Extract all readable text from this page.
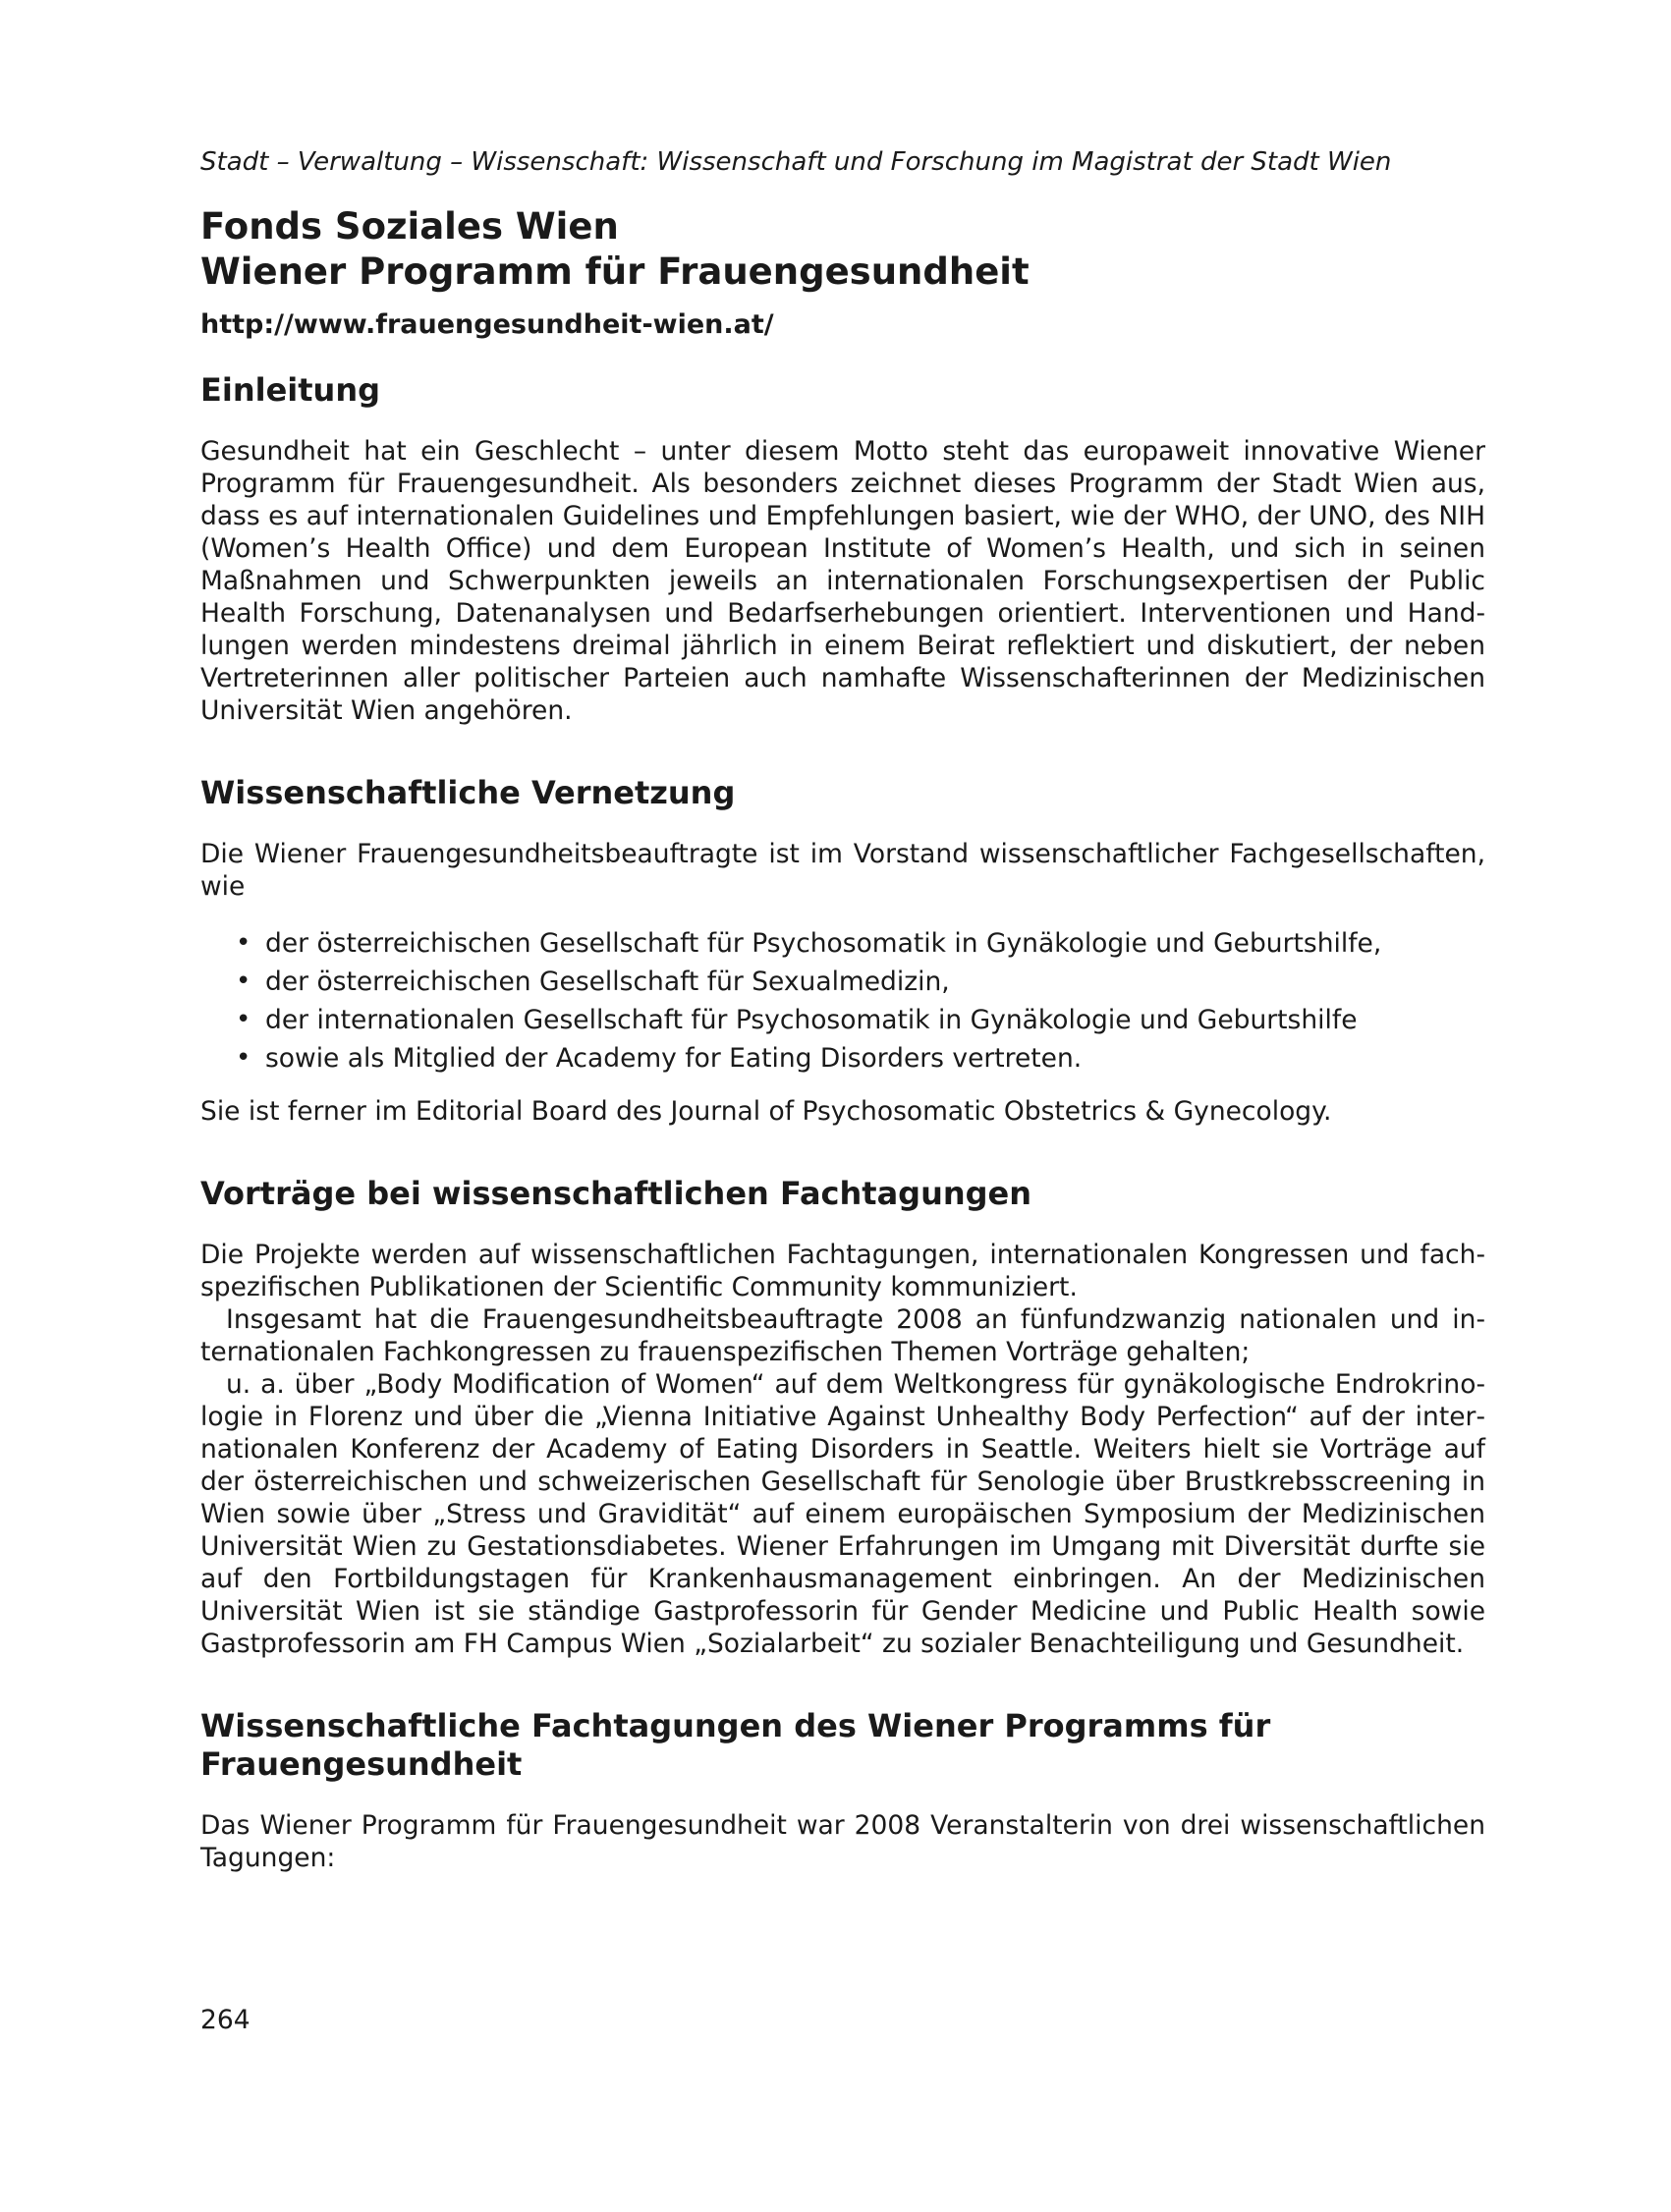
Stadt – Verwaltung – Wissenschaft: Wissenschaft und Forschung im Magistrat der Stadt Wien
Fonds Soziales Wien
Wiener Programm für Frauengesundheit
http://www.frauengesundheit-wien.at/
Einleitung

Gesundheit hat ein Geschlecht – unter diesem Motto steht das europaweit innovative Wiener Programm für Frauengesundheit. Als besonders zeichnet dieses Programm der Stadt Wien aus, dass es auf internationalen Guidelines und Empfehlungen basiert, wie der WHO, der UNO, des NIH (Women’s Health Office) und dem European Institute of Women’s Health, und sich in seinen Maßnahmen und Schwerpunkten jeweils an internationalen Forschungsexpertisen der Public Health Forschung, Datenanalysen und Bedarfserhebungen orientiert. Interventionen und Handlungen werden mindestens dreimal jährlich in einem Beirat reflektiert und diskutiert, der neben Vertreterinnen aller politischer Parteien auch namhafte Wissenschafterinnen der Medizinischen Universität Wien angehören.

Wissenschaftliche Vernetzung

Die Wiener Frauengesundheitsbeauftragte ist im Vorstand wissenschaftlicher Fachgesellschaften, wie

• der österreichischen Gesellschaft für Psychosomatik in Gynäkologie und Geburtshilfe,
• der österreichischen Gesellschaft für Sexualmedizin,
• der internationalen Gesellschaft für Psychosomatik in Gynäkologie und Geburtshilfe
• sowie als Mitglied der Academy for Eating Disorders vertreten.

Sie ist ferner im Editorial Board des Journal of Psychosomatic Obstetrics & Gynecology.

Vorträge bei wissenschaftlichen Fachtagungen

Die Projekte werden auf wissenschaftlichen Fachtagungen, internationalen Kongressen und fachspezifischen Publikationen der Scientific Community kommuniziert.

Insgesamt hat die Frauengesundheitsbeauftragte 2008 an fünfundzwanzig nationalen und internationalen Fachkongressen zu frauenspezifischen Themen Vorträge gehalten;

u. a. über „Body Modification of Women“ auf dem Weltkongress für gynäkologische Endrokrinologie in Florenz und über die „Vienna Initiative Against Unhealthy Body Perfection“ auf der internationalen Konferenz der Academy of Eating Disorders in Seattle. Weiters hielt sie Vorträge auf der österreichischen und schweizerischen Gesellschaft für Senologie über Brustkrebsscreening in Wien sowie über „Stress und Gravidität“ auf einem europäischen Symposium der Medizinischen Universität Wien zu Gestationsdiabetes. Wiener Erfahrungen im Umgang mit Diversität durfte sie auf den Fortbildungstagen für Krankenhausmanagement einbringen. An der Medizinischen Universität Wien ist sie ständige Gastprofessorin für Gender Medicine und Public Health sowie Gastprofessorin am FH Campus Wien „Sozialarbeit“ zu sozialer Benachteiligung und Gesundheit.

Wissenschaftliche Fachtagungen des Wiener Programms für Frauengesundheit

Das Wiener Programm für Frauengesundheit war 2008 Veranstalterin von drei wissenschaftlichen Tagungen:

264
